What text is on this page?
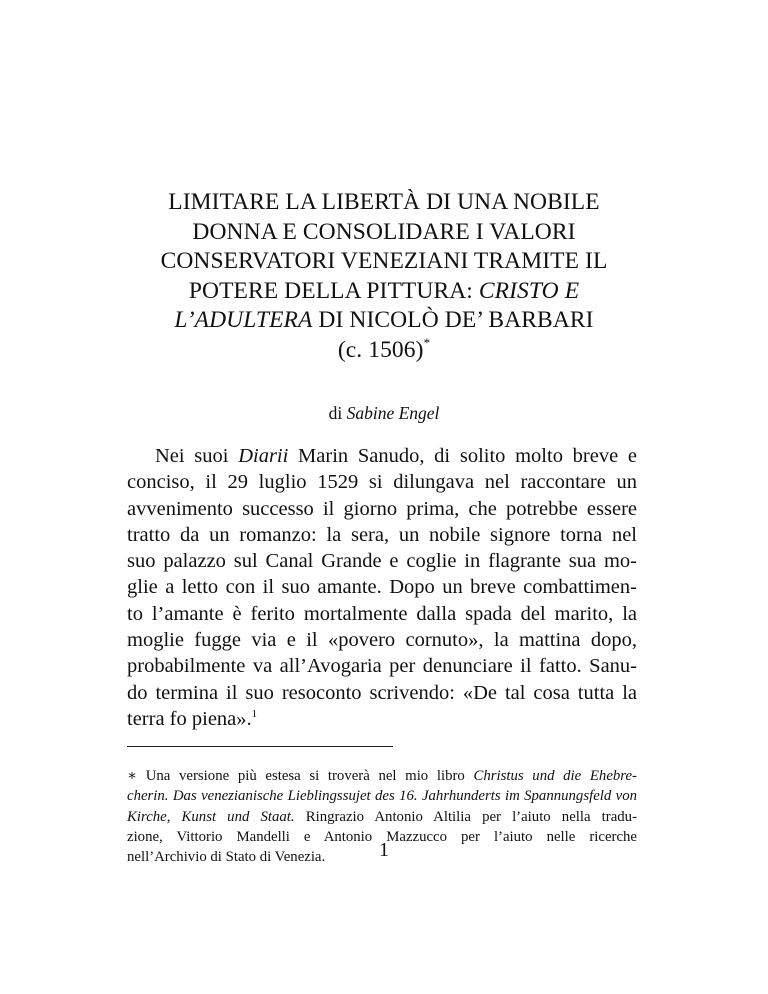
LIMITARE LA LIBERTÀ DI UNA NOBILE
DONNA E CONSOLIDARE I VALORI
CONSERVATORI VENEZIANI TRAMITE IL
POTERE DELLA PITTURA: CRISTO E
L’ADULTERA DI NICOLÒ DE’ BARBARI
(c. 1506)*
di Sabine Engel
Nei suoi Diarii Marin Sanudo, di solito molto breve e
conciso, il 29 luglio 1529 si dilungava nel raccontare un
avvenimento successo il giorno prima, che potrebbe essere
tratto da un romanzo: la sera, un nobile signore torna nel
suo palazzo sul Canal Grande e coglie in flagrante sua mo-
glie a letto con il suo amante. Dopo un breve combattimen-
to l’amante è ferito mortalmente dalla spada del marito, la
moglie fugge via e il «povero cornuto», la mattina dopo,
probabilmente va all’Avogaria per denunciare il fatto. Sanu-
do termina il suo resoconto scrivendo: «De tal cosa tutta la
terra fo piena».$^1$
∗ Una versione più estesa si troverà nel mio libro Christus und die Ehebre-
cherin. Das venezianische Lieblingssujet des 16. Jahrhunderts im Spannungsfeld von
Kirche, Kunst und Staat. Ringrazio Antonio Altilia per l’aiuto nella tradu-
zione, Vittorio Mandelli e Antonio Mazzucco per l’aiuto nelle ricerche
nell’Archivio di Stato di Venezia.	1
